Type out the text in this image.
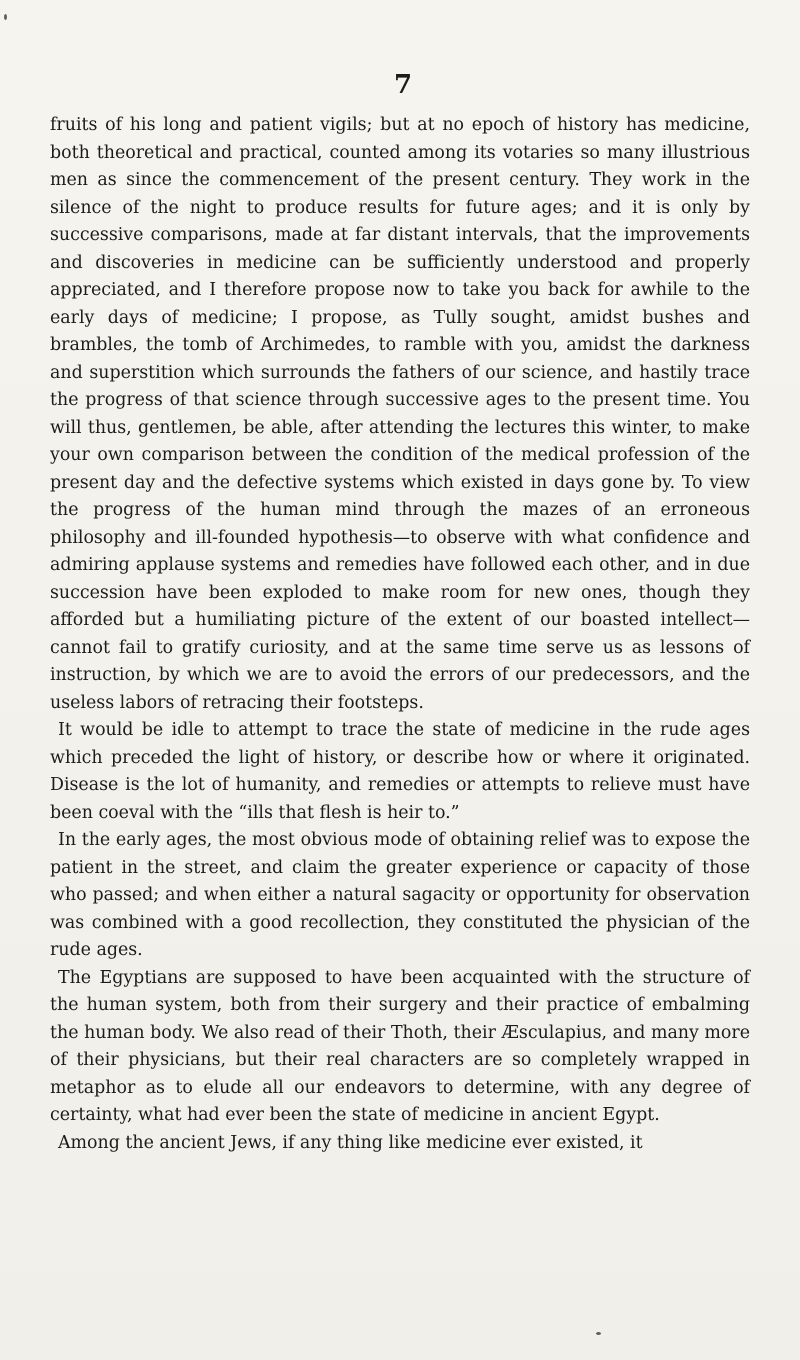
7

fruits of his long and patient vigils; but at no epoch of history has medicine, both theoretical and practical, counted among its votaries so many illustrious men as since the commencement of the present century. They work in the silence of the night to produce results for future ages; and it is only by successive comparisons, made at far distant intervals, that the improvements and discoveries in medicine can be sufficiently understood and properly appreciated, and I therefore propose now to take you back for awhile to the early days of medicine; I propose, as Tully sought, amidst bushes and brambles, the tomb of Archimedes, to ramble with you, amidst the darkness and superstition which surrounds the fathers of our science, and hastily trace the progress of that science through successive ages to the present time. You will thus, gentlemen, be able, after attending the lectures this winter, to make your own comparison between the condition of the medical profession of the present day and the defective systems which existed in days gone by. To view the progress of the human mind through the mazes of an erroneous philosophy and ill-founded hypothesis—to observe with what confidence and admiring applause systems and remedies have followed each other, and in due succession have been exploded to make room for new ones, though they afforded but a humiliating picture of the extent of our boasted intellect—cannot fail to gratify curiosity, and at the same time serve us as lessons of instruction, by which we are to avoid the errors of our predecessors, and the useless labors of retracing their footsteps.

It would be idle to attempt to trace the state of medicine in the rude ages which preceded the light of history, or describe how or where it originated. Disease is the lot of humanity, and remedies or attempts to relieve must have been coeval with the “ills that flesh is heir to.”

In the early ages, the most obvious mode of obtaining relief was to expose the patient in the street, and claim the greater experience or capacity of those who passed; and when either a natural sagacity or opportunity for observation was combined with a good recollection, they constituted the physician of the rude ages.

The Egyptians are supposed to have been acquainted with the structure of the human system, both from their surgery and their practice of embalming the human body. We also read of their Thoth, their Æsculapius, and many more of their physicians, but their real characters are so completely wrapped in metaphor as to elude all our endeavors to determine, with any degree of certainty, what had ever been the state of medicine in ancient Egypt.

Among the ancient Jews, if any thing like medicine ever existed, it
